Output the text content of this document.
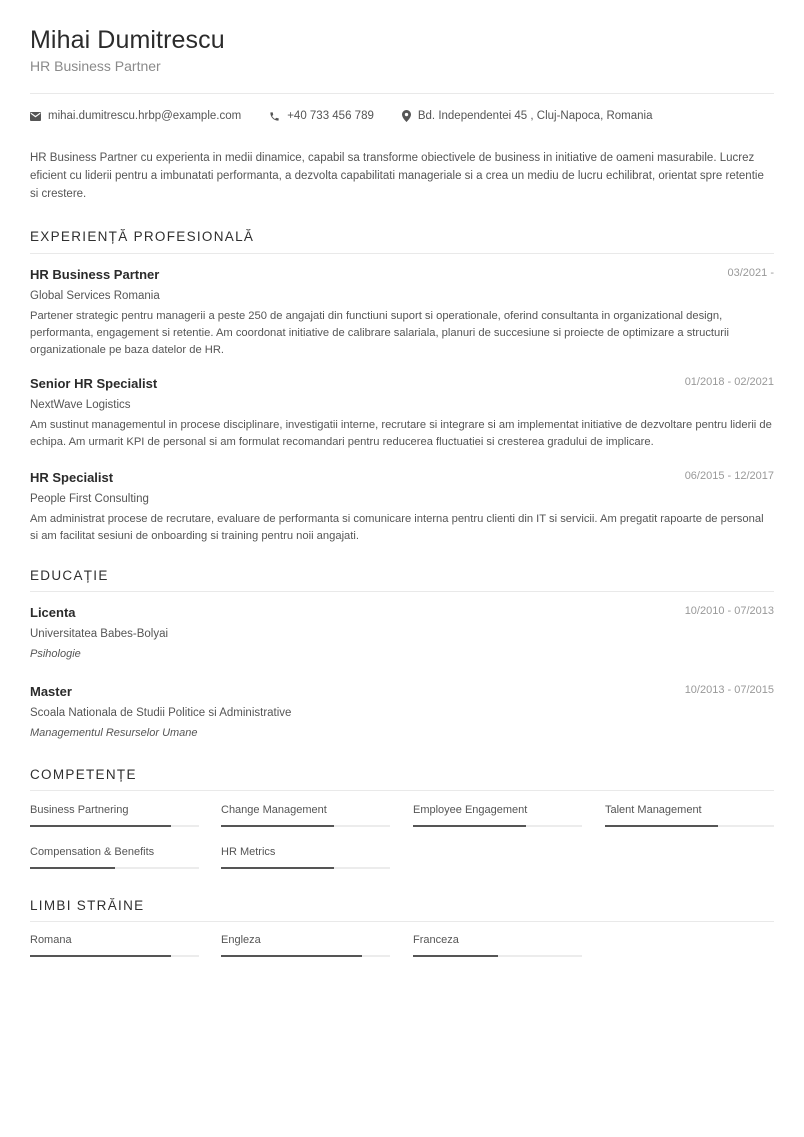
Mihai Dumitrescu
HR Business Partner
mihai.dumitrescu.hrbp@example.com	+40 733 456 789	Bd. Independentei 45 , Cluj-Napoca, Romania
HR Business Partner cu experienta in medii dinamice, capabil sa transforme obiectivele de business in initiative de oameni masurabile. Lucrez eficient cu liderii pentru a imbunatati performanta, a dezvolta capabilitati manageriale si a crea un mediu de lucru echilibrat, orientat spre retentie si crestere.
EXPERIENȚĂ PROFESIONALĂ
HR Business Partner	03/2021 -
Global Services Romania
Partener strategic pentru managerii a peste 250 de angajati din functiuni suport si operationale, oferind consultanta in organizational design, performanta, engagement si retentie. Am coordonat initiative de calibrare salariala, planuri de succesiune si proiecte de optimizare a structurii organizationale pe baza datelor de HR.
Senior HR Specialist	01/2018 - 02/2021
NextWave Logistics
Am sustinut managementul in procese disciplinare, investigatii interne, recrutare si integrare si am implementat initiative de dezvoltare pentru liderii de echipa. Am urmarit KPI de personal si am formulat recomandari pentru reducerea fluctuatiei si cresterea gradului de implicare.
HR Specialist	06/2015 - 12/2017
People First Consulting
Am administrat procese de recrutare, evaluare de performanta si comunicare interna pentru clienti din IT si servicii. Am pregatit rapoarte de personal si am facilitat sesiuni de onboarding si training pentru noii angajati.
EDUCAȚIE
Licenta	10/2010 - 07/2013
Universitatea Babes-Bolyai
Psihologie
Master	10/2013 - 07/2015
Scoala Nationala de Studii Politice si Administrative
Managementul Resurselor Umane
COMPETENȚE
Business Partnering	Change Management	Employee Engagement	Talent Management
Compensation & Benefits	HR Metrics
LIMBI STRĂINE
Romana	Engleza	Franceza
